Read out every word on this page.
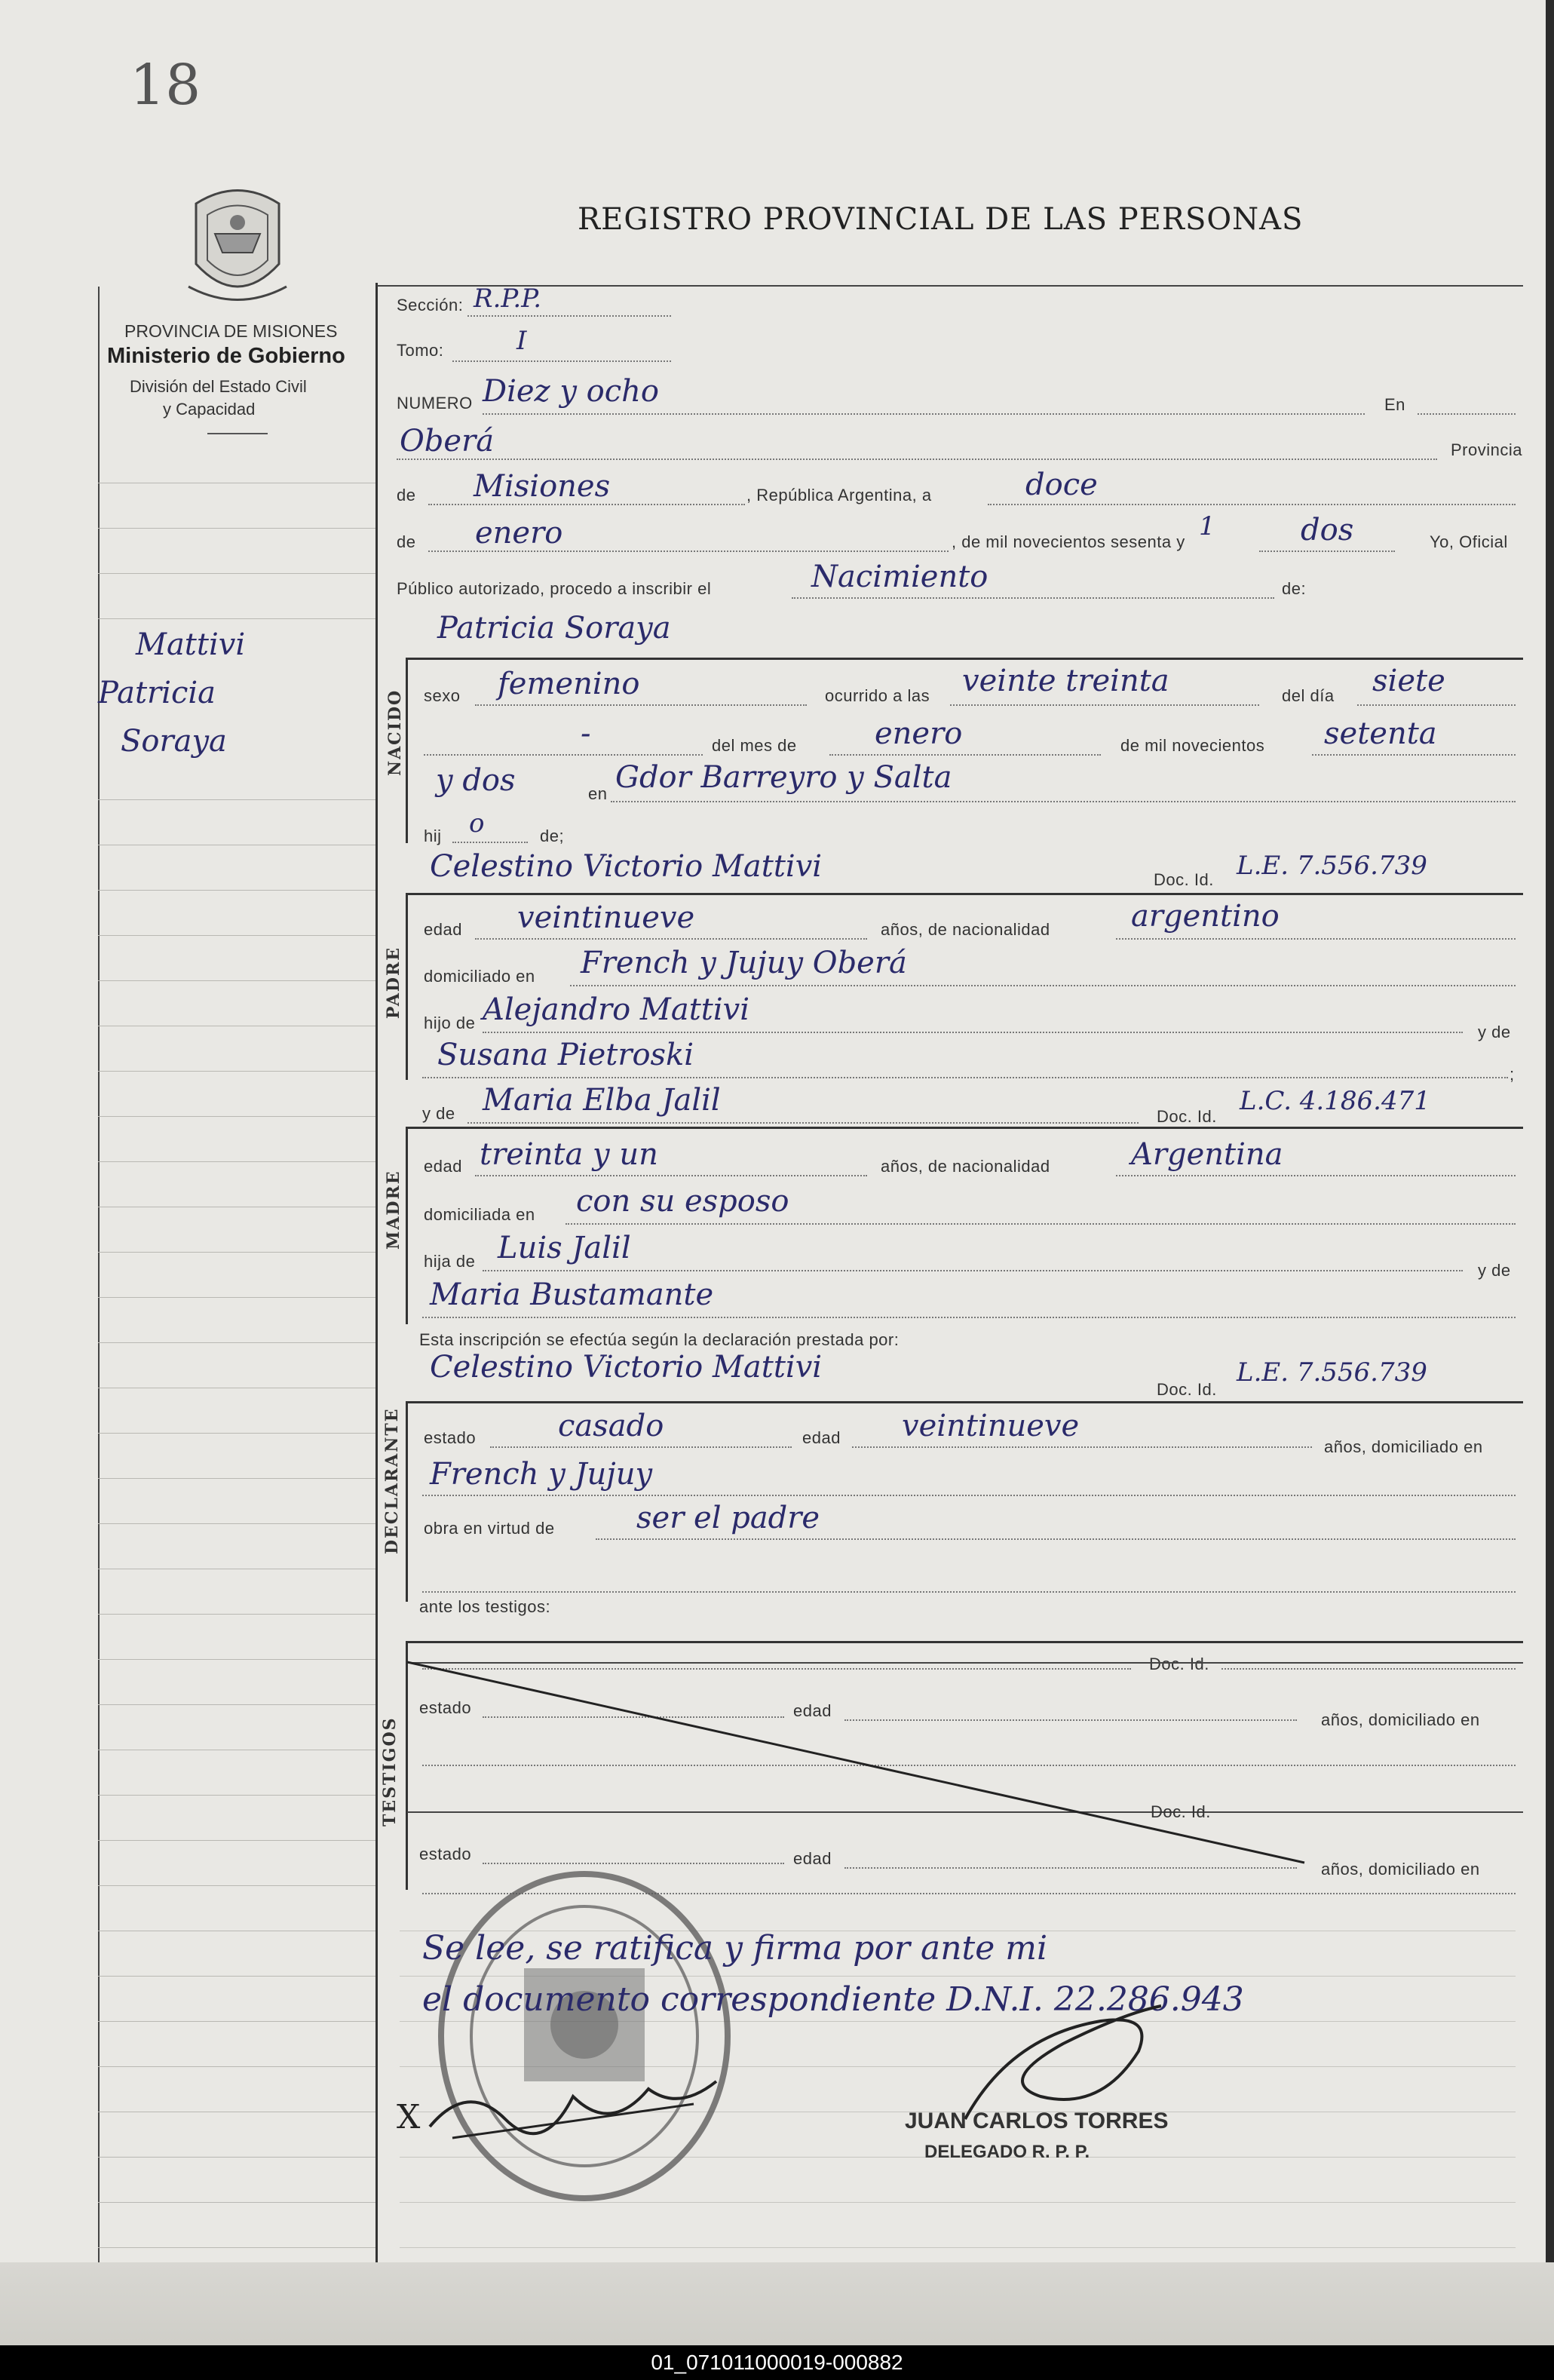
18
REGISTRO PROVINCIAL DE LAS PERSONAS
PROVINCIA DE MISIONES
Ministerio de Gobierno
División del Estado Civil
y Capacidad
Mattivi
Patricia
Soraya
Sección: R.P.P.
Tomo:	I
NUMERO Diez y ocho	En
Oberá	Provincia
de Misiones	, República Argentina, a	doce
de enero	, de mil novecientos sesenta y
1	dos	Yo, Oficial
Público autorizado, procedo a inscribir el	Nacimiento	de:
Patricia Soraya
NACIDO sexo femenino	ocurrido a las veinte treinta	del día siete
-	del mes de	enero	de mil novecientos setenta
y dos	en Gdor Barreyro y Salta
hij o	de;
Celestino Victorio Mattivi	Doc. Id. L.E. 7.556.739
PADRE
edad veintinueve	años, de nacionalidad	argentino
domiciliado en French y Jujuy Oberá
hijo de Alejandro Mattivi
y de
Susana Pietroski
;
y de Maria Elba Jalil	Doc. Id.
L.C. 4.186.471
MADRE
edad treinta y un	años, de nacionalidad	Argentina
domiciliada en con su esposo
hija de Luis Jalil
y de
Maria Bustamante
Esta inscripción se efectúa según la declaración prestada por:
Celestino Victorio Mattivi
Doc. Id.
L.E. 7.556.739
DECLARANTE estado	casado	edad veintinueve
años, domiciliado en
French y Jujuy
obra en virtud de	ser el padre
ante los testigos:
TESTIGOS
Doc. Id.
estado	edad	años, domiciliado en
Doc. Id.
estado	edad
años, domiciliado en
Se lee, se ratifica y firma por ante mi
el documento correspondiente D.N.I. 22.286.943
X	JUAN CARLOS TORRES
DELEGADO R. P. P.
01_071011000019-000882
